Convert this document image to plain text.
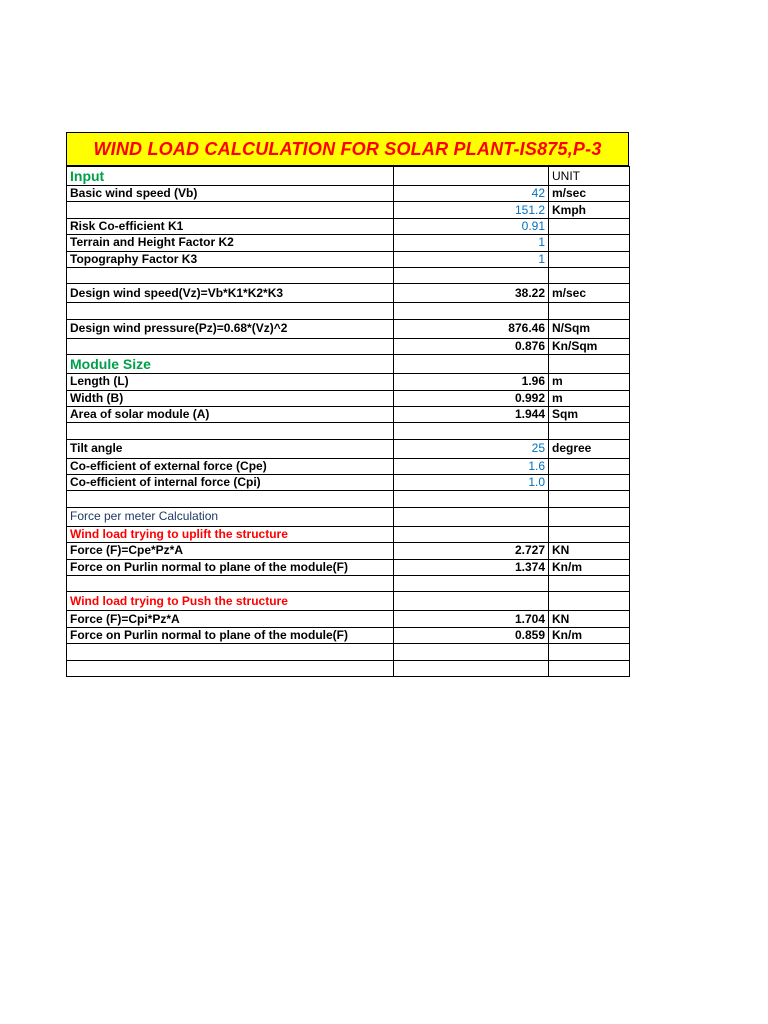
WIND LOAD CALCULATION FOR SOLAR PLANT-IS875,P-3
Input		UNIT
Basic wind speed (Vb)	42	m/sec
	151.2	Kmph
Risk Co-efficient K1	0.91	
Terrain and Height Factor K2	1	
Topography Factor K3	1	

Design wind speed(Vz)=Vb*K1*K2*K3	38.22	m/sec

Design wind pressure(Pz)=0.68*(Vz)^2	876.46	N/Sqm
	0.876	Kn/Sqm
Module Size		
Length (L)	1.96	m
Width (B)	0.992	m
Area of solar module (A)	1.944	Sqm

Tilt angle	25	degree
Co-efficient of external force (Cpe)	1.6	
Co-efficient of internal force (Cpi)	1.0	

Force per meter Calculation		
Wind load trying to uplift the structure		
Force (F)=Cpe*Pz*A	2.727	KN
Force on Purlin normal to plane of the module(F)	1.374	Kn/m

Wind load trying to Push the structure		
Force (F)=Cpi*Pz*A	1.704	KN
Force on Purlin normal to plane of the module(F)	0.859	Kn/m
